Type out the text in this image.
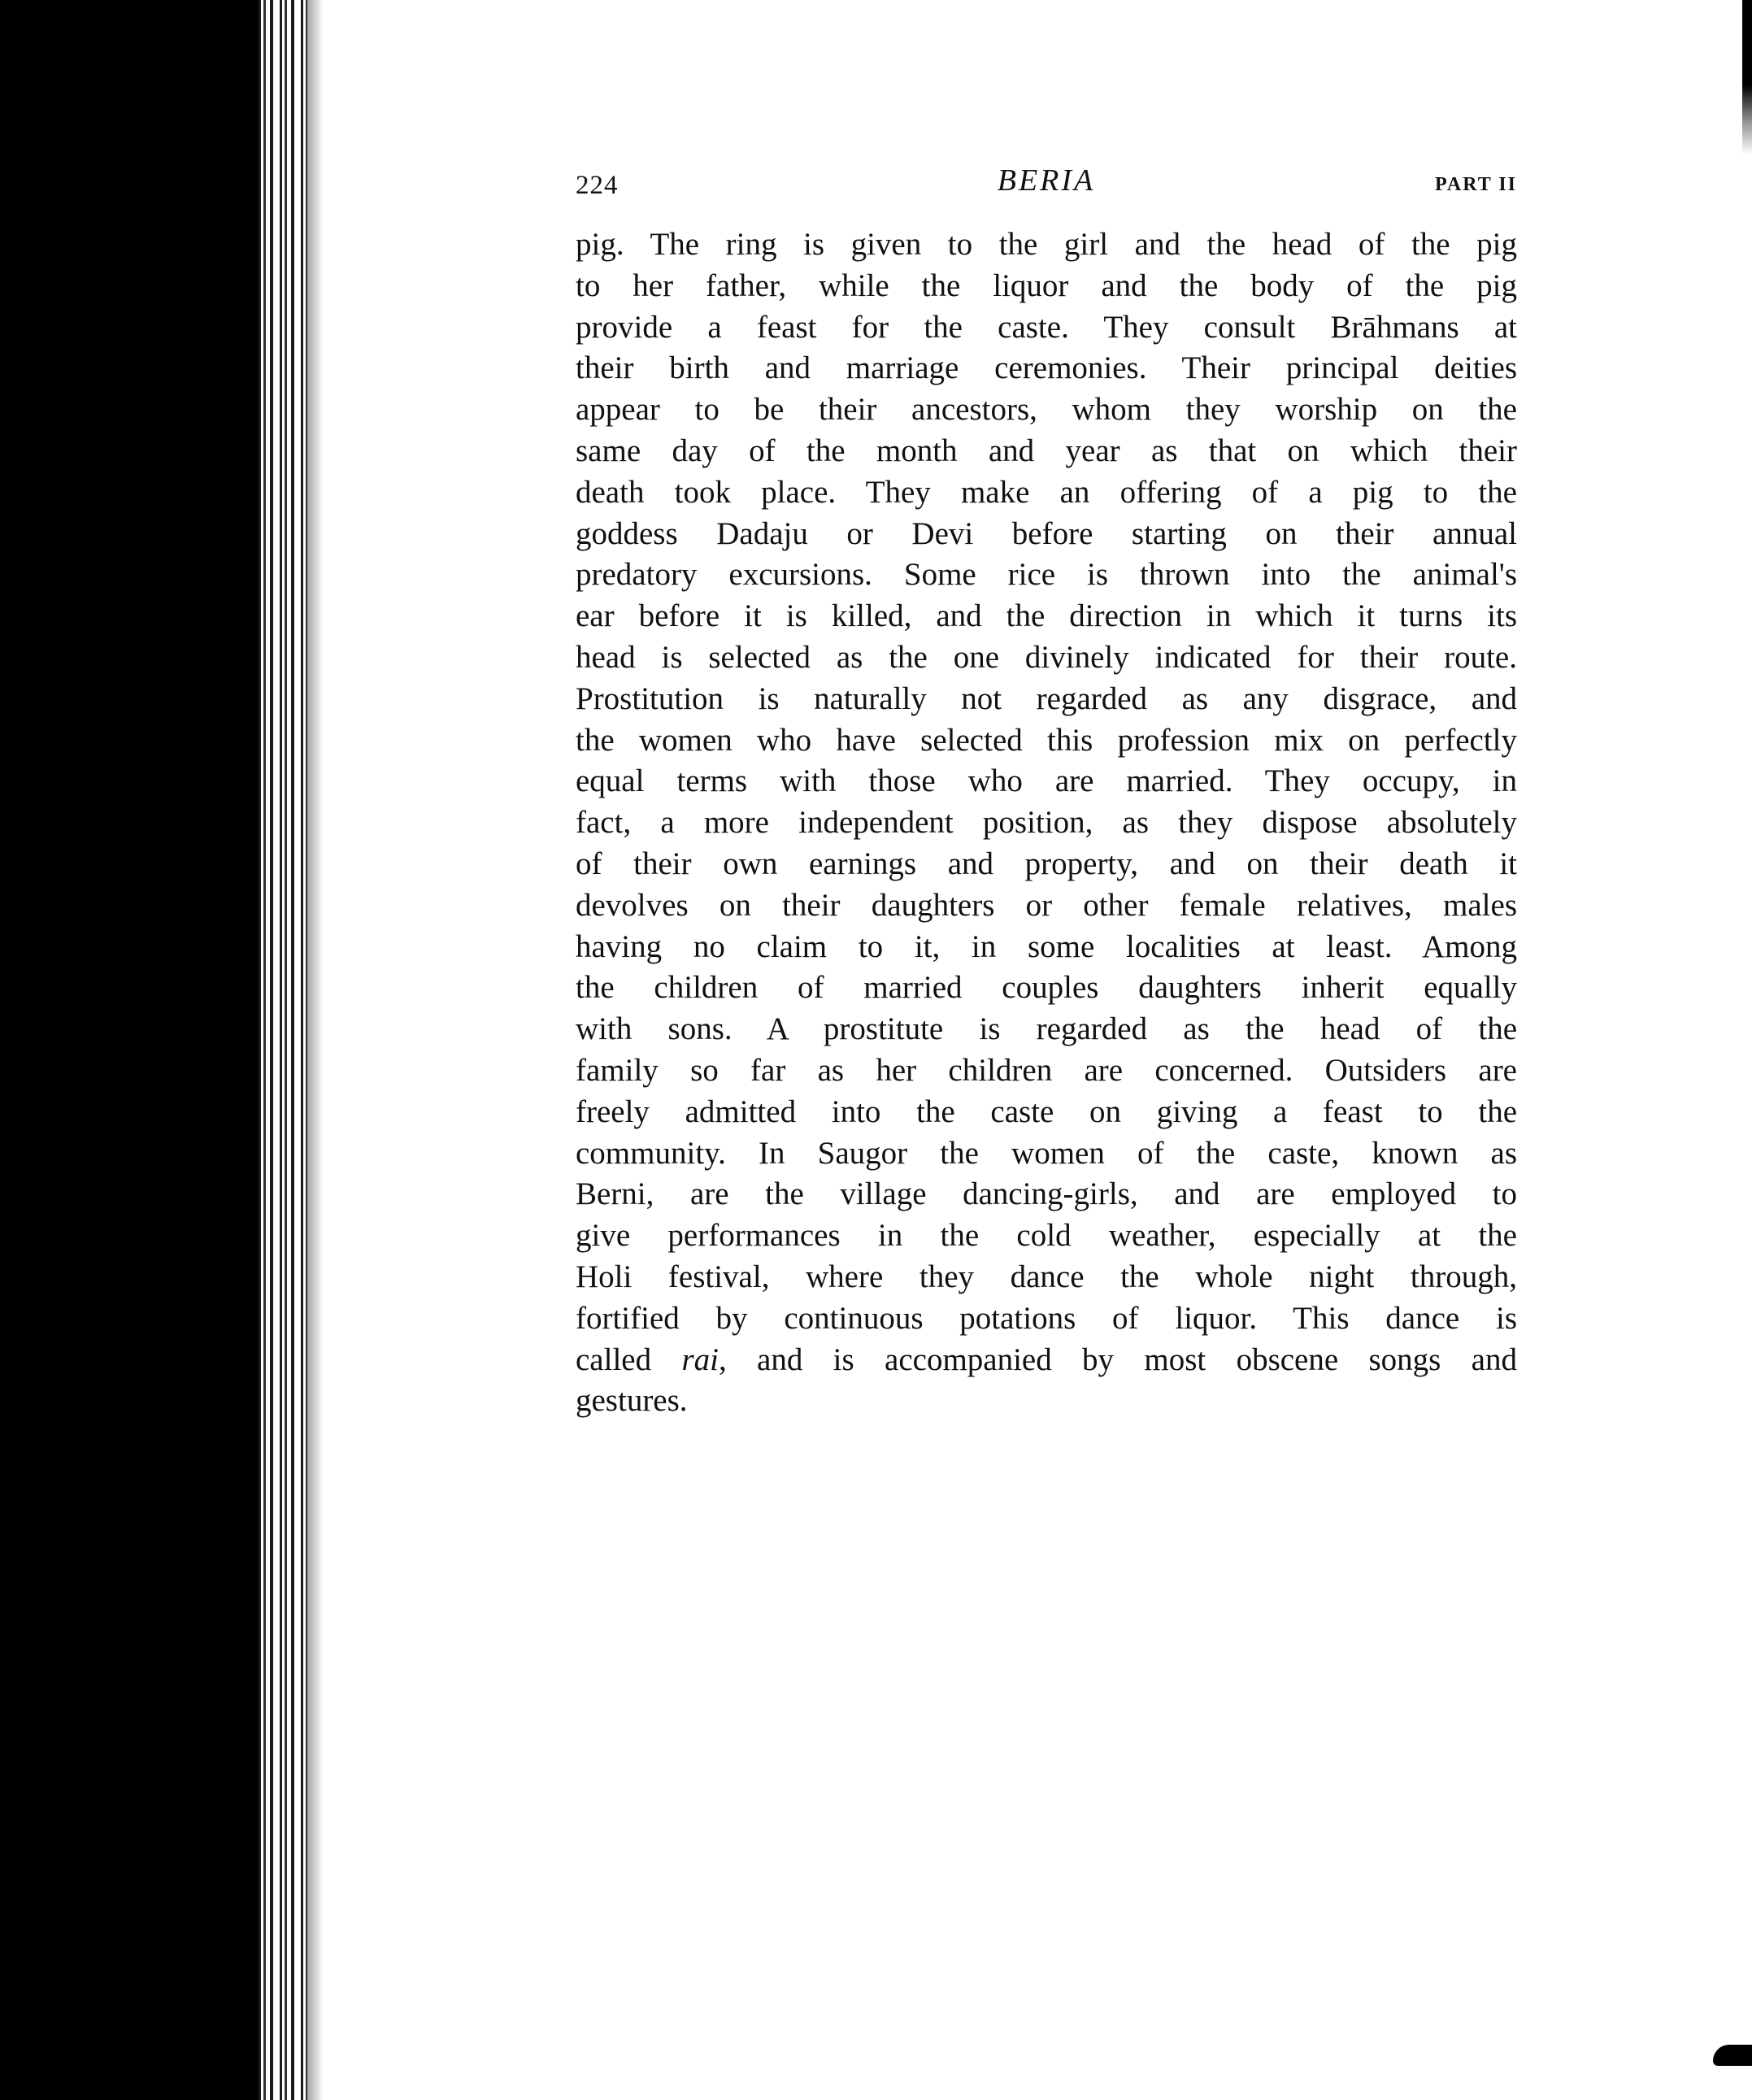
224	BERIA	PART II
pig. The ring is given to the girl and the head of the pig
to her father, while the liquor and the body of the pig
provide a feast for the caste. They consult Brāhmans at
their birth and marriage ceremonies. Their principal deities
appear to be their ancestors, whom they worship on the
same day of the month and year as that on which their
death took place. They make an offering of a pig to the
goddess Dadaju or Devi before starting on their annual
predatory excursions. Some rice is thrown into the animal's
ear before it is killed, and the direction in which it turns its
head is selected as the one divinely indicated for their route.
Prostitution is naturally not regarded as any disgrace, and
the women who have selected this profession mix on perfectly
equal terms with those who are married. They occupy, in
fact, a more independent position, as they dispose absolutely
of their own earnings and property, and on their death it
devolves on their daughters or other female relatives, males
having no claim to it, in some localities at least. Among
the children of married couples daughters inherit equally
with sons. A prostitute is regarded as the head of the
family so far as her children are concerned. Outsiders are
freely admitted into the caste on giving a feast to the
community. In Saugor the women of the caste, known as
Berni, are the village dancing-girls, and are employed to
give performances in the cold weather, especially at the
Holi festival, where they dance the whole night through,
fortified by continuous potations of liquor. This dance is
called rai, and is accompanied by most obscene songs and
gestures.
